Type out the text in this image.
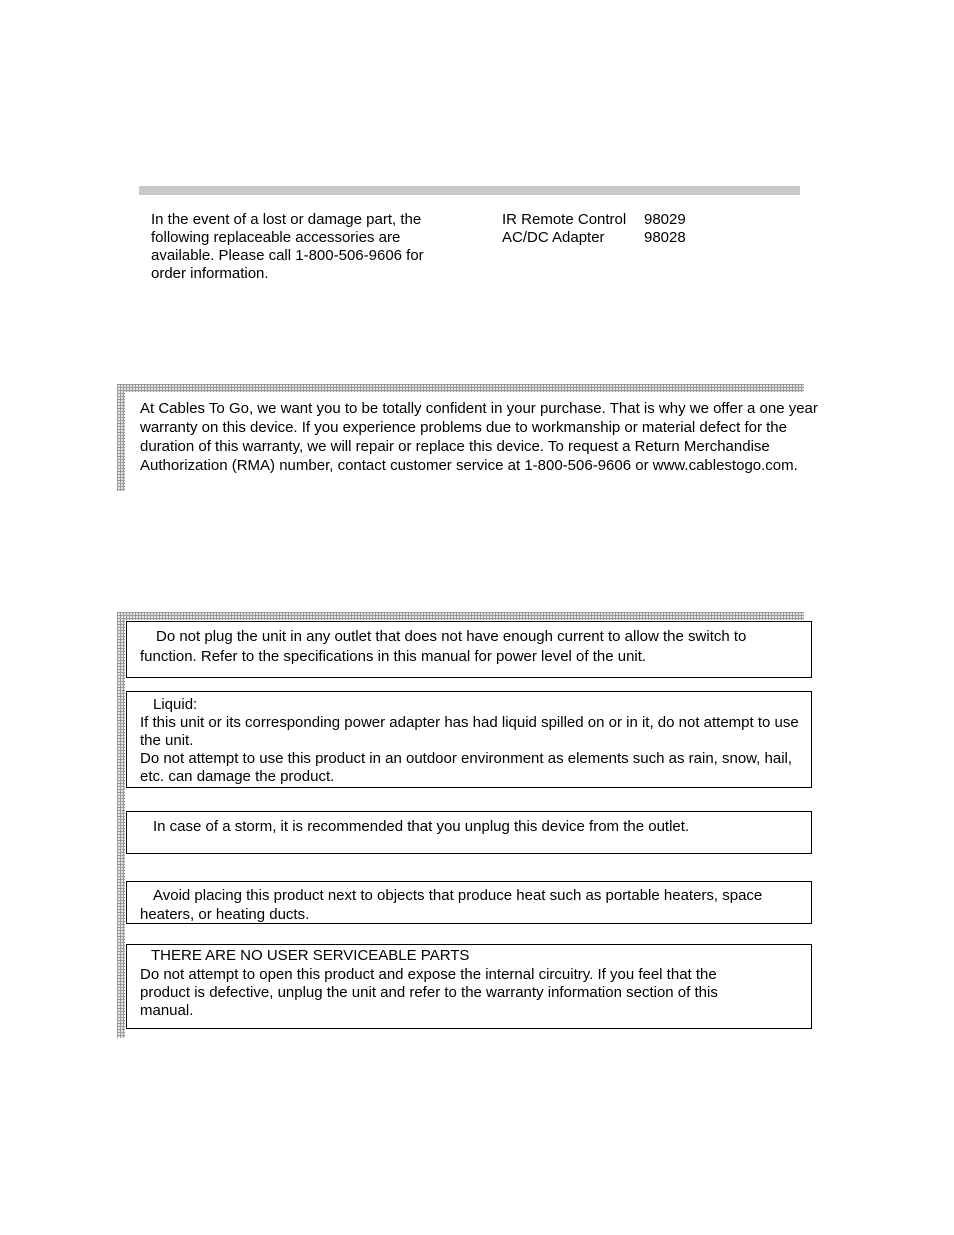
In the event of a lost or damage part, the following replaceable accessories are available. Please call 1-800-506-9606 for order information.
IR Remote Control	98029
AC/DC Adapter	98028
At Cables To Go, we want you to be totally confident in your purchase. That is why we offer a one year warranty on this device. If you experience problems due to workmanship or material defect for the duration of this warranty, we will repair or replace this device. To request a Return Merchandise Authorization (RMA) number, contact customer service at 1-800-506-9606 or www.cablestogo.com.

Do not plug the unit in any outlet that does not have enough current to allow the switch to

function. Refer to the specifications in this manual for power level of the unit.

Liquid:

If this unit or its corresponding power adapter has had liquid spilled on or in it, do not attempt to use the unit.

Do not attempt to use this product in an outdoor environment as elements such as rain, snow, hail, etc. can damage the product.

In case of a storm, it is recommended that you unplug this device from the outlet.

Avoid placing this product next to objects that produce heat such as portable heaters, space

heaters, or heating ducts.

THERE ARE NO USER SERVICEABLE PARTS

Do not attempt to open this product and expose the internal circuitry. If you feel that the product is defective, unplug the unit and refer to the warranty information section of this manual.
